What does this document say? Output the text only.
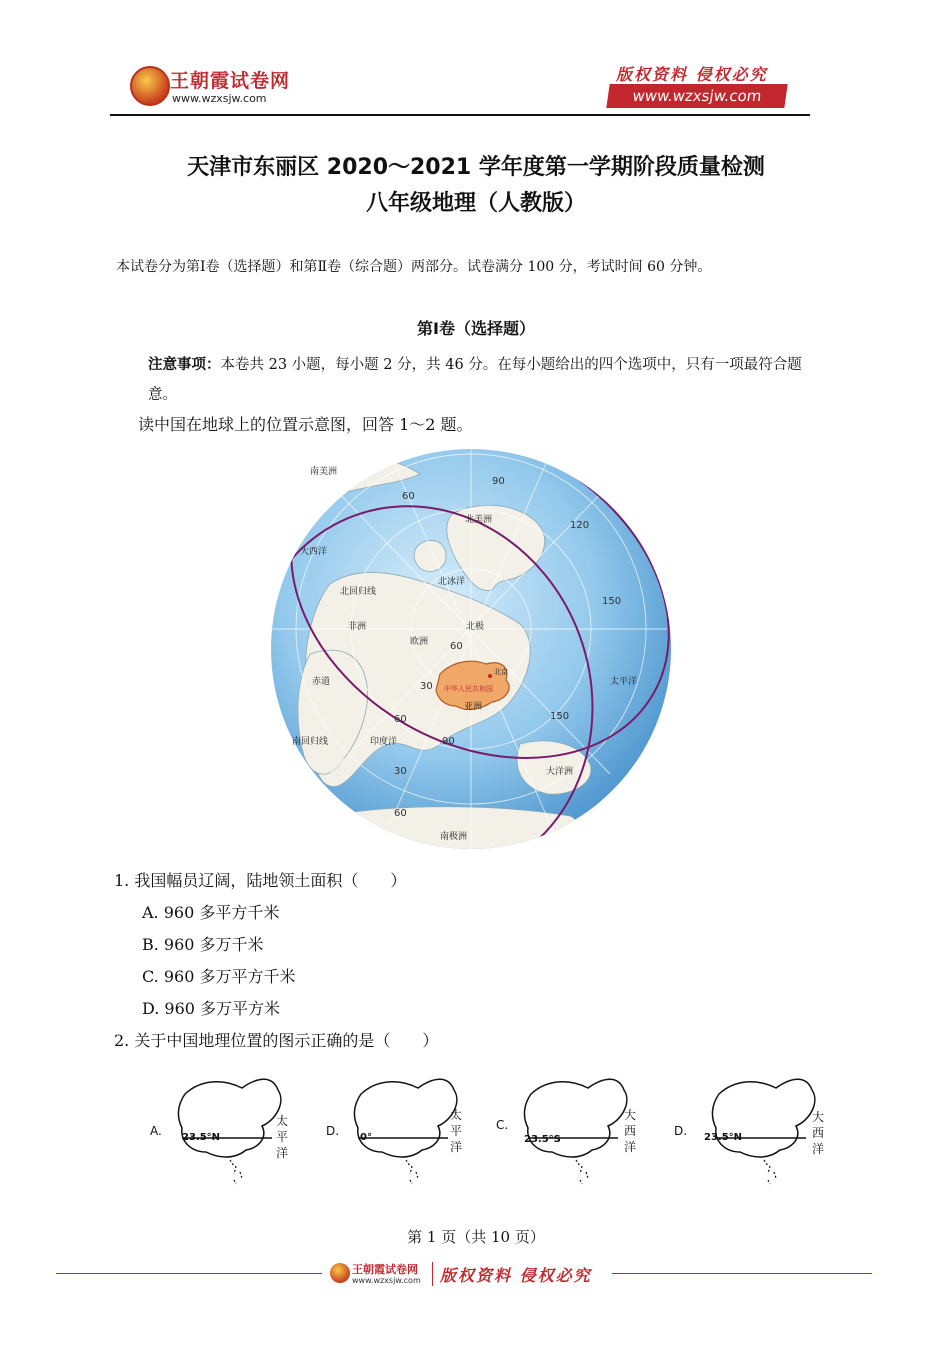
王朝霞试卷网
www.wzxsjw.com
版权资料 侵权必究
www.wzxsjw.com
天津市东丽区 2020～2021 学年度第一学期阶段质量检测
八年级地理（人教版）
本试卷分为第Ⅰ卷（选择题）和第Ⅱ卷（综合题）两部分。试卷满分 100 分，考试时间 60 分钟。
第Ⅰ卷（选择题）
注意事项：本卷共 23 小题，每小题 2 分，共 46 分。在每小题给出的四个选项中，只有一项最符合题意。
读中国在地球上的位置示意图，回答 1～2 题。
北美洲
南美洲
非洲
欧洲
亚洲
大洋洲
南极洲
大西洋
太平洋
印度洋
北冰洋
北极
赤道
北回归线
南回归线
中华人民共和国
北京
90
60
120
150
30
60
150
90
30
60
60
1. 我国幅员辽阔，陆地领土面积（　　）
A. 960 多平方千米
B. 960 多万千米
C. 960 多万平方千米
D. 960 多万平方米
2. 关于中国地理位置的图示正确的是（　　）
A. 23.5°N
太
平
洋
D. 0°
太
平
洋
C.
23.5°S
大
西
洋
D. 23.5°N
大
西
洋
第 1 页（共 10 页）
王朝霞试卷网
www.wzxsjw.com 版权资料 侵权必究
